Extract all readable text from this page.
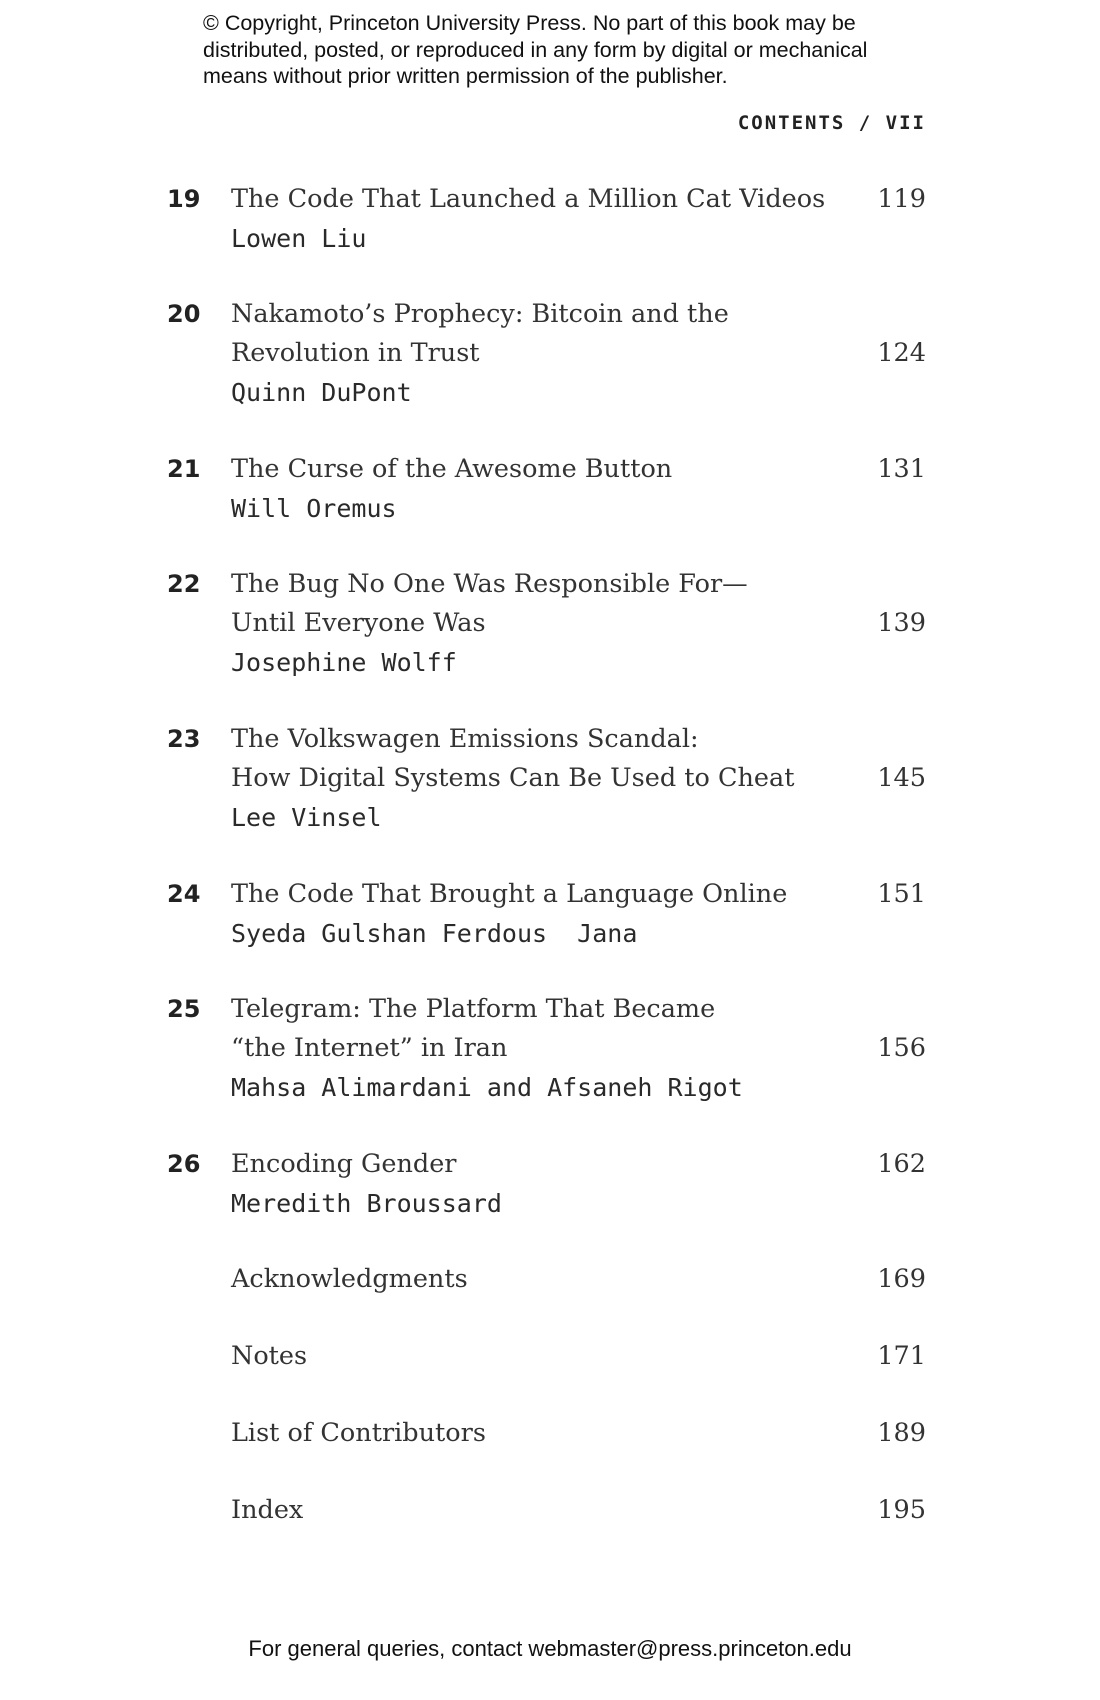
© Copyright, Princeton University Press. No part of this book may be
distributed, posted, or reproduced in any form by digital or mechanical
means without prior written permission of the publisher.
CONTENTS / VII
19 The Code That Launched a Million Cat Videos 119
Lowen Liu
20 Nakamoto’s Prophecy: Bitcoin and the
Revolution in Trust	124
Quinn DuPont
21 The Curse of the Awesome Button	131
Will Oremus
22 The Bug No One Was Responsible For—
Until Everyone Was	139
Josephine Wolff
23 The Volkswagen Emissions Scandal:
How Digital Systems Can Be Used to Cheat	145
Lee Vinsel
24 The Code That Brought a Language Online	151
Syeda Gulshan Ferdous  Jana
25 Telegram: The Platform That Became
“the Internet” in Iran	156
Mahsa Alimardani and Afsaneh Rigot
26 Encoding Gender	162
Meredith Broussard
Acknowledgments	169
Notes	171
List of Contributors	189
Index	195
For general queries, contact webmaster@press.princeton.edu
